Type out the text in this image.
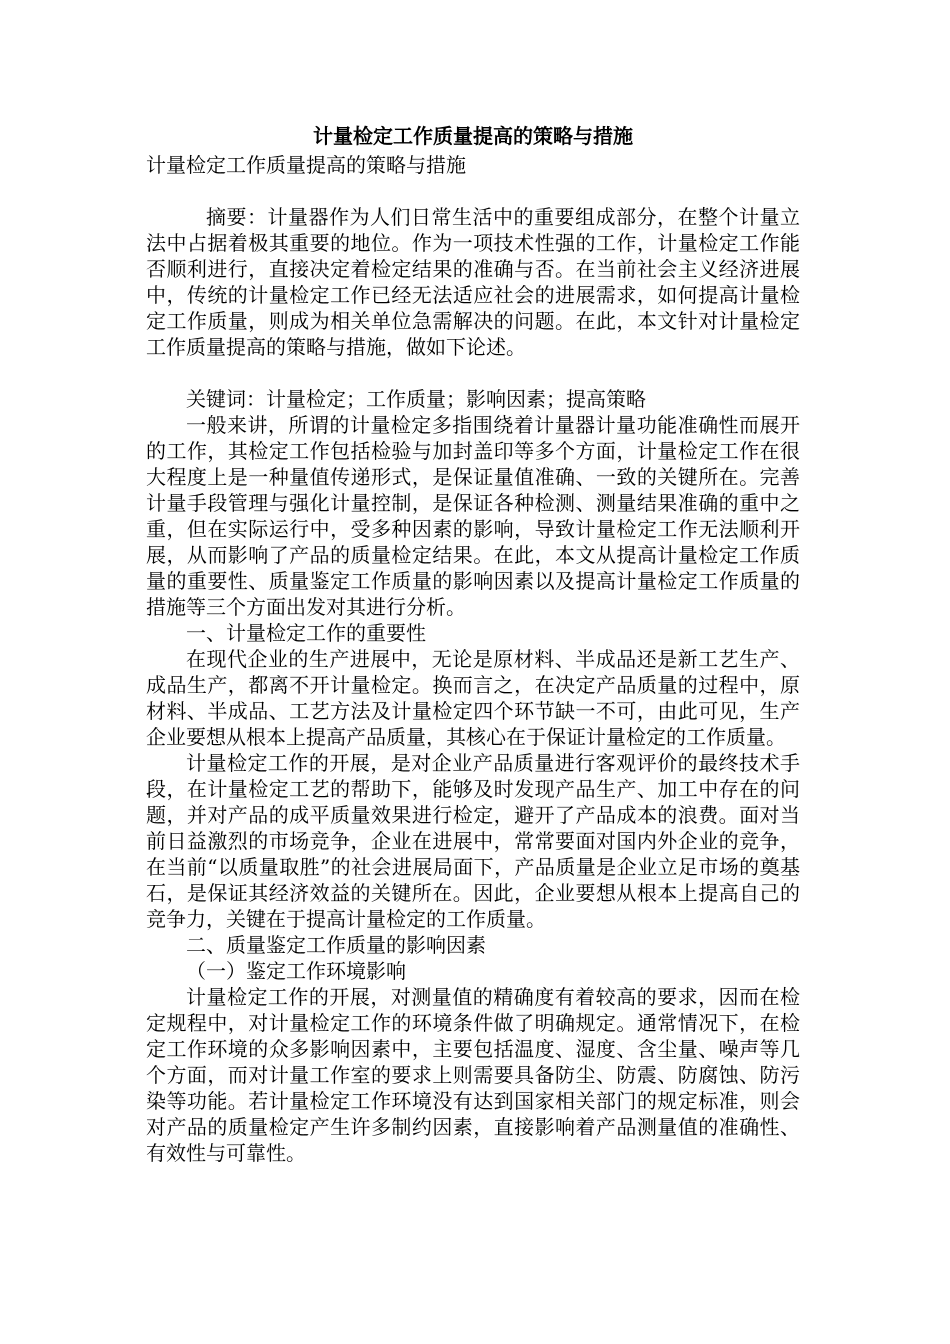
计量检定工作质量提高的策略与措施
计量检定工作质量提高的策略与措施

摘要：计量器作为人们日常生活中的重要组成部分，在整个计量立法中占据着极其重要的地位。作为一项技术性强的工作，计量检定工作能否顺利进行，直接决定着检定结果的准确与否。在当前社会主义经济进展中，传统的计量检定工作已经无法适应社会的进展需求，如何提高计量检定工作质量，则成为相关单位急需解决的问题。在此，本文针对计量检定工作质量提高的策略与措施，做如下论述。

关键词：计量检定；工作质量；影响因素；提高策略

一般来讲，所谓的计量检定多指围绕着计量器计量功能准确性而展开的工作，其检定工作包括检验与加封盖印等多个方面，计量检定工作在很大程度上是一种量值传递形式，是保证量值准确、一致的关键所在。完善计量手段管理与强化计量控制，是保证各种检测、测量结果准确的重中之重，但在实际运行中，受多种因素的影响，导致计量检定工作无法顺利开展，从而影响了产品的质量检定结果。在此，本文从提高计量检定工作质量的重要性、质量鉴定工作质量的影响因素以及提高计量检定工作质量的措施等三个方面出发对其进行分析。

一、计量检定工作的重要性

在现代企业的生产进展中，无论是原材料、半成品还是新工艺生产、成品生产，都离不开计量检定。换而言之，在决定产品质量的过程中，原材料、半成品、工艺方法及计量检定四个环节缺一不可，由此可见，生产企业要想从根本上提高产品质量，其核心在于保证计量检定的工作质量。

计量检定工作的开展，是对企业产品质量进行客观评价的最终技术手段，在计量检定工艺的帮助下，能够及时发现产品生产、加工中存在的问题，并对产品的成平质量效果进行检定，避开了产品成本的浪费。面对当前日益激烈的市场竞争，企业在进展中，常常要面对国内外企业的竞争，在当前“以质量取胜”的社会进展局面下，产品质量是企业立足市场的奠基石，是保证其经济效益的关键所在。因此，企业要想从根本上提高自己的竞争力，关键在于提高计量检定的工作质量。

二、质量鉴定工作质量的影响因素
（一）鉴定工作环境影响

计量检定工作的开展，对测量值的精确度有着较高的要求，因而在检定规程中，对计量检定工作的环境条件做了明确规定。通常情况下，在检定工作环境的众多影响因素中，主要包括温度、湿度、含尘量、噪声等几个方面，而对计量工作室的要求上则需要具备防尘、防震、防腐蚀、防污染等功能。若计量检定工作环境没有达到国家相关部门的规定标准，则会对产品的质量检定产生许多制约因素，直接影响着产品测量值的准确性、有效性与可靠性。
